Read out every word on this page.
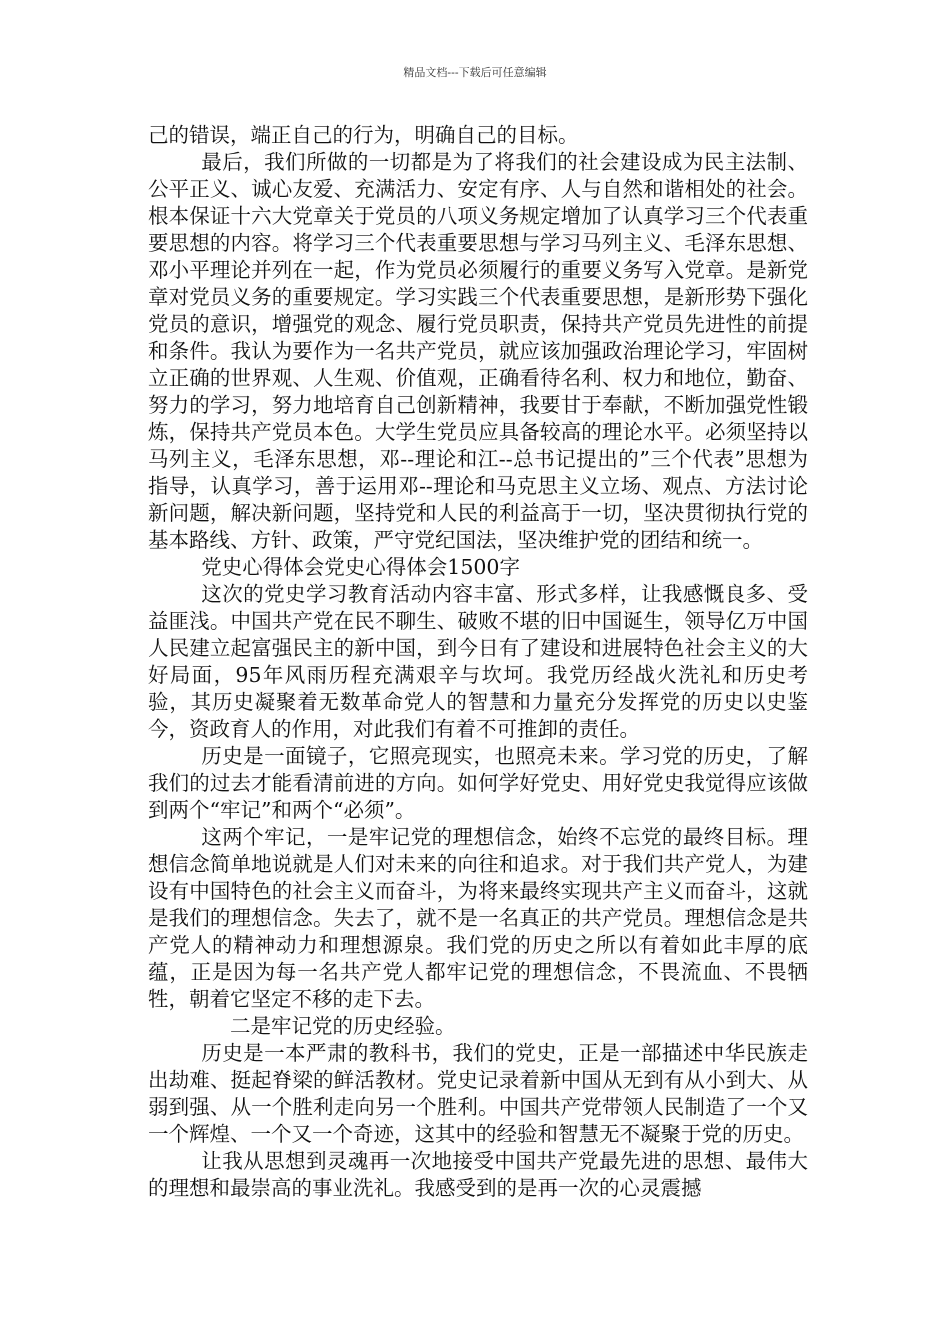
精品文档---下载后可任意编辑

己的错误，端正自己的行为，明确自己的目标。

最后，我们所做的一切都是为了将我们的社会建设成为民主法制、公平正义、诚心友爱、充满活力、安定有序、人与自然和谐相处的社会。根本保证十六大党章关于党员的八项义务规定增加了认真学习三个代表重要思想的内容。将学习三个代表重要思想与学习马列主义、毛泽东思想、邓小平理论并列在一起，作为党员必须履行的重要义务写入党章。是新党章对党员义务的重要规定。学习实践三个代表重要思想，是新形势下强化党员的意识，增强党的观念、履行党员职责，保持共产党员先进性的前提和条件。我认为要作为一名共产党员，就应该加强政治理论学习，牢固树立正确的世界观、人生观、价值观，正确看待名利、权力和地位，勤奋、努力的学习，努力地培育自己创新精神，我要甘于奉献，不断加强党性锻炼，保持共产党员本色。大学生党员应具备较高的理论水平。必须坚持以马列主义，毛泽东思想，邓--理论和江--总书记提出的”三个代表”思想为指导，认真学习，善于运用邓--理论和马克思主义立场、观点、方法讨论新问题，解决新问题，坚持党和人民的利益高于一切，坚决贯彻执行党的基本路线、方针、政策，严守党纪国法，坚决维护党的团结和统一。

党史心得体会党史心得体会1500字

这次的党史学习教育活动内容丰富、形式多样，让我感慨良多、受益匪浅。中国共产党在民不聊生、破败不堪的旧中国诞生，领导亿万中国人民建立起富强民主的新中国，到今日有了建设和进展特色社会主义的大好局面，95年风雨历程充满艰辛与坎坷。我党历经战火洗礼和历史考验，其历史凝聚着无数革命党人的智慧和力量充分发挥党的历史以史鉴今，资政育人的作用，对此我们有着不可推卸的责任。

历史是一面镜子，它照亮现实，也照亮未来。学习党的历史，了解我们的过去才能看清前进的方向。如何学好党史、用好党史我觉得应该做到两个“牢记”和两个“必须”。

这两个牢记，一是牢记党的理想信念，始终不忘党的最终目标。理想信念简单地说就是人们对未来的向往和追求。对于我们共产党人，为建设有中国特色的社会主义而奋斗，为将来最终实现共产主义而奋斗，这就是我们的理想信念。失去了，就不是一名真正的共产党员。理想信念是共产党人的精神动力和理想源泉。我们党的历史之所以有着如此丰厚的底蕴，正是因为每一名共产党人都牢记党的理想信念，不畏流血、不畏牺牲，朝着它坚定不移的走下去。

二是牢记党的历史经验。

历史是一本严肃的教科书，我们的党史，正是一部描述中华民族走出劫难、挺起脊梁的鲜活教材。党史记录着新中国从无到有从小到大、从弱到强、从一个胜利走向另一个胜利。中国共产党带领人民制造了一个又一个辉煌、一个又一个奇迹，这其中的经验和智慧无不凝聚于党的历史。

让我从思想到灵魂再一次地接受中国共产党最先进的思想、最伟大的理想和最崇高的事业洗礼。我感受到的是再一次的心灵震撼
